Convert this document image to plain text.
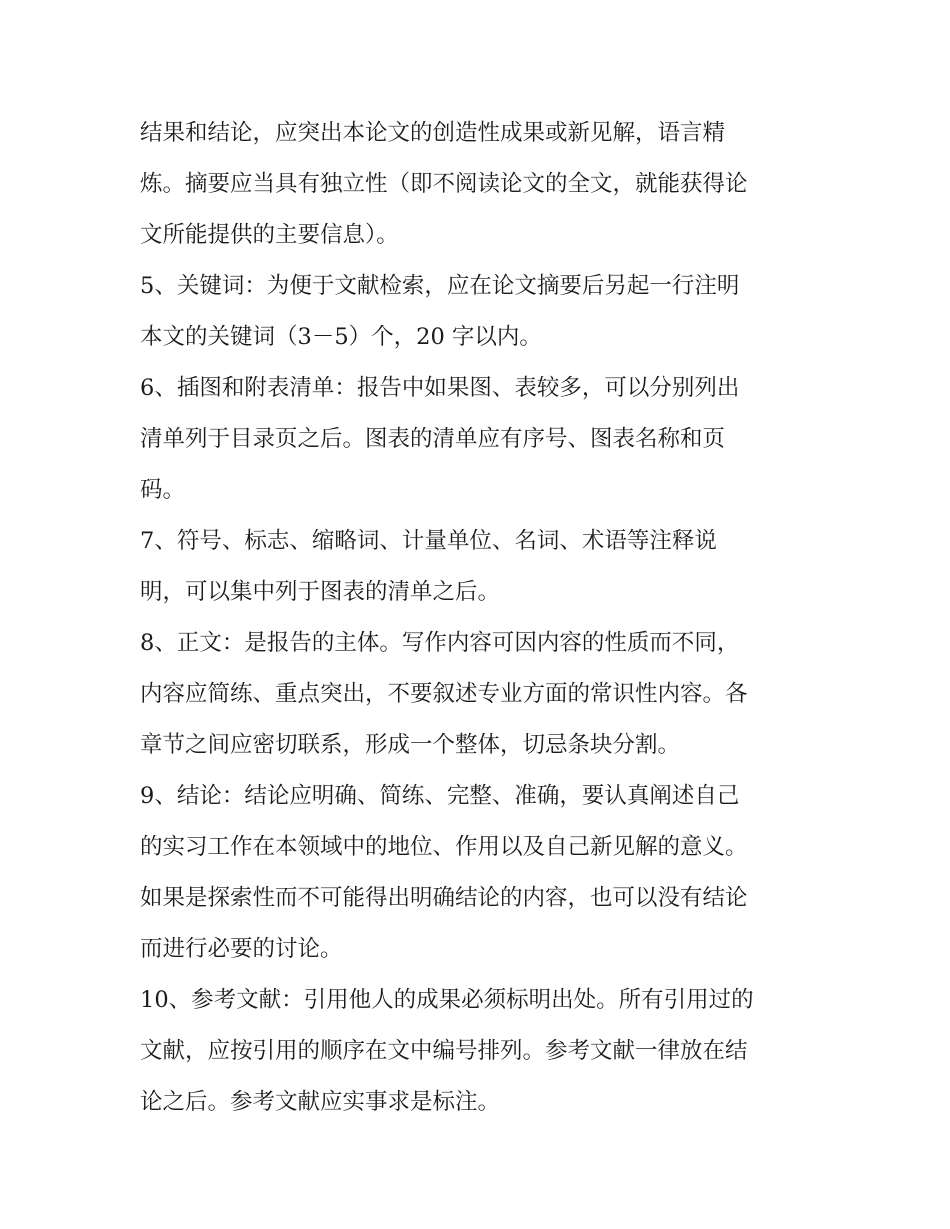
结果和结论，应突出本论文的创造性成果或新见解，语言精
炼。摘要应当具有独立性（即不阅读论文的全文，就能获得论
文所能提供的主要信息）。
5、关键词：为便于文献检索，应在论文摘要后另起一行注明
本文的关键词（3－5）个，20 字以内。
6、插图和附表清单：报告中如果图、表较多，可以分别列出
清单列于目录页之后。图表的清单应有序号、图表名称和页
码。
7、符号、标志、缩略词、计量单位、名词、术语等注释说
明，可以集中列于图表的清单之后。
8、正文：是报告的主体。写作内容可因内容的性质而不同，
内容应简练、重点突出，不要叙述专业方面的常识性内容。各
章节之间应密切联系，形成一个整体，切忌条块分割。
9、结论：结论应明确、简练、完整、准确，要认真阐述自己
的实习工作在本领域中的地位、作用以及自己新见解的意义。
如果是探索性而不可能得出明确结论的内容，也可以没有结论
而进行必要的讨论。
10、参考文献：引用他人的成果必须标明出处。所有引用过的
文献，应按引用的顺序在文中编号排列。参考文献一律放在结
论之后。参考文献应实事求是标注。
